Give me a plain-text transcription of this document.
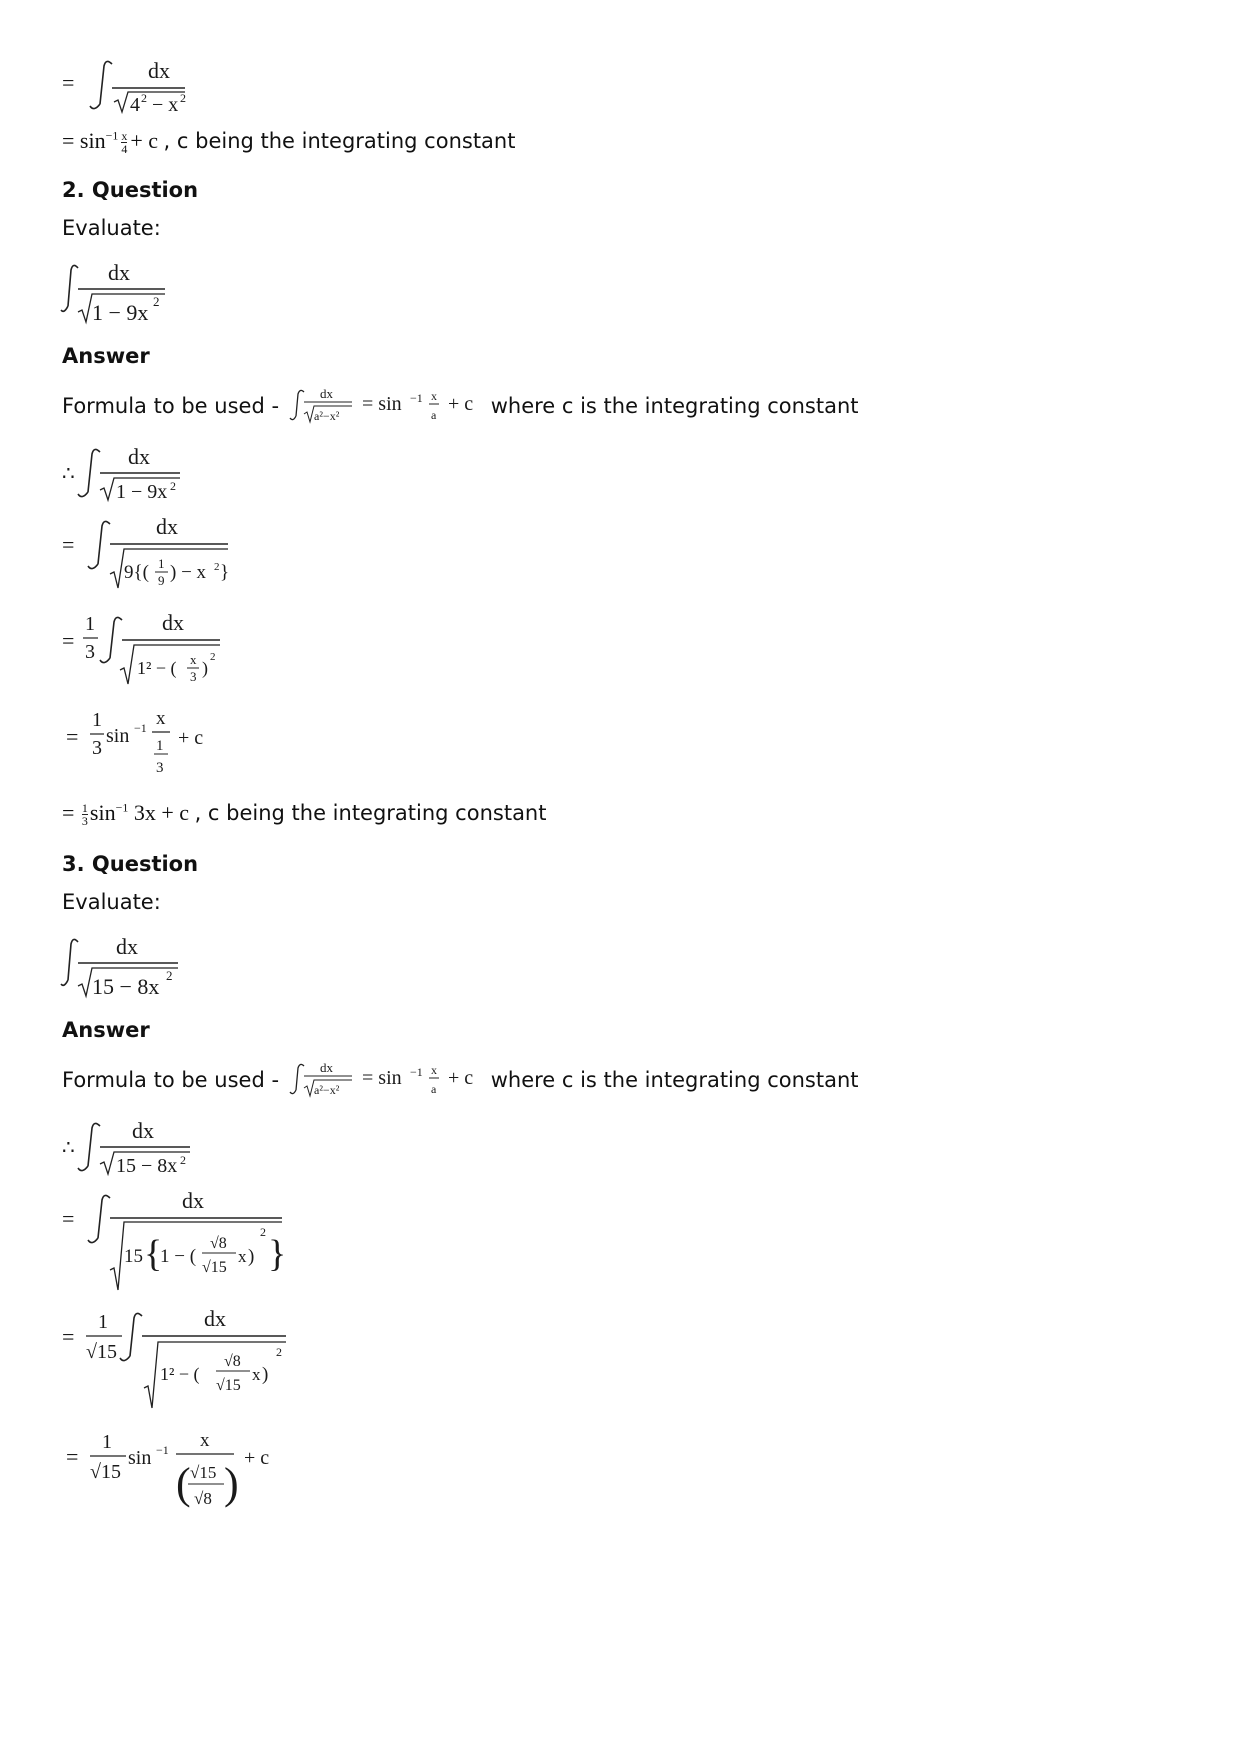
=	dx
4 2 − x 2
= $\sin^{-1} \frac{x}{4} + c$ , c being the integrating constant
2. Question
Evaluate:
dx
1 − 9x 2
Answer
Formula to be used -
dx
a²−x²
= sin −1 x
a + c where c is the integrating constant
∴
dx
1 − 9x 2
=
dx
9{( 1
9 ) − x 2 }
=
1
3
dx
1² − ( x
3 )
2
=
1
3
sin −1 x
1
3
+ c
= $\frac{1}{3} \sin^{-1} 3x + c$ , c being the integrating constant
3. Question
Evaluate:
dx
15 − 8x 2
Answer
Formula to be used -
dx
a²−x²
= sin −1 x
a + c where c is the integrating constant
∴
dx
15 − 8x 2
=
dx
15 {
1 − (
√8
√15
x )
2
}
=
1
√15
dx
1² − (
√8
√15
x )
2
=
1
√15
sin −1 x
( √15
√8 )
+ c
